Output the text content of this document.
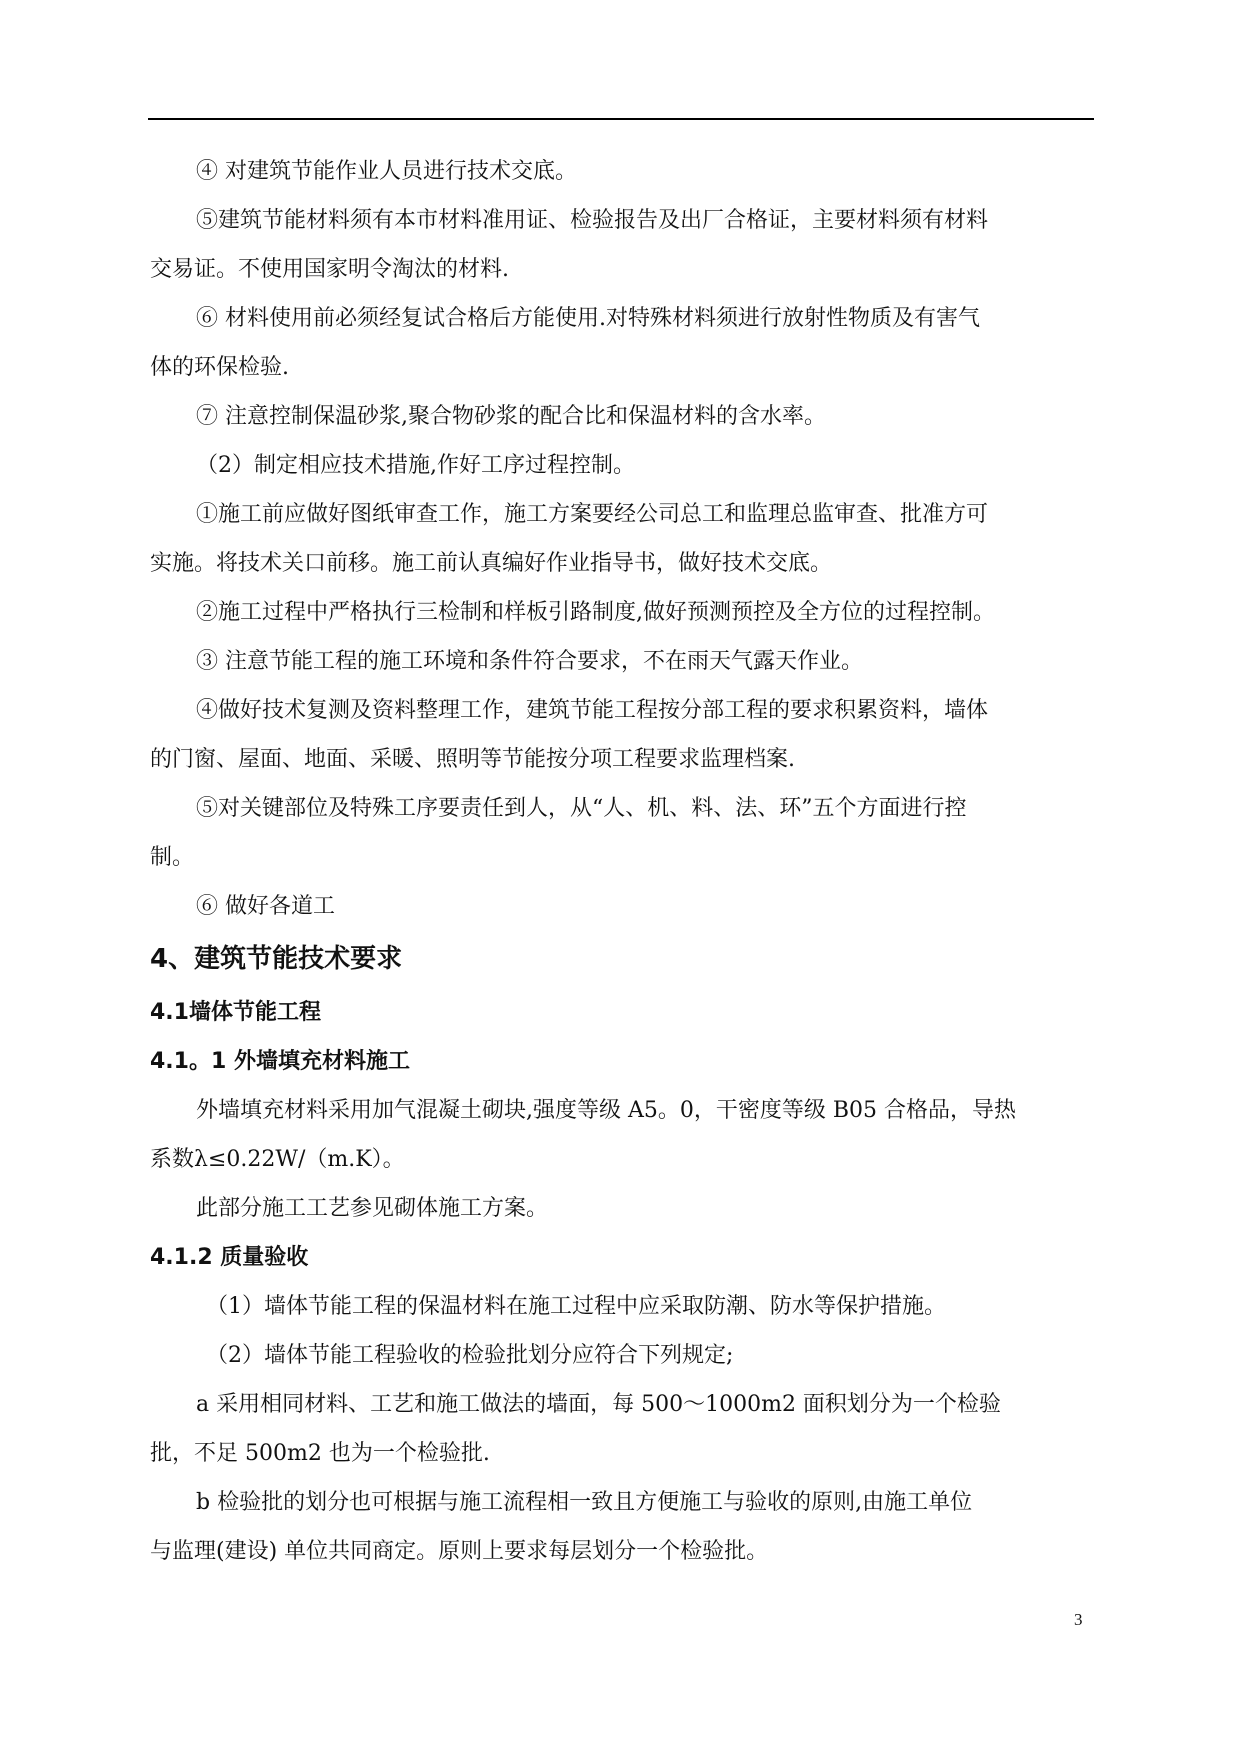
④ 对建筑节能作业人员进行技术交底。
⑤建筑节能材料须有本市材料准用证、检验报告及出厂合格证，主要材料须有材料
交易证。不使用国家明令淘汰的材料.
⑥ 材料使用前必须经复试合格后方能使用.对特殊材料须进行放射性物质及有害气
体的环保检验.
⑦ 注意控制保温砂浆,聚合物砂浆的配合比和保温材料的含水率。
（2）制定相应技术措施,作好工序过程控制。
①施工前应做好图纸审查工作，施工方案要经公司总工和监理总监审查、批准方可
实施。将技术关口前移。施工前认真编好作业指导书，做好技术交底。
②施工过程中严格执行三检制和样板引路制度,做好预测预控及全方位的过程控制。
③ 注意节能工程的施工环境和条件符合要求，不在雨天气露天作业。
④做好技术复测及资料整理工作，建筑节能工程按分部工程的要求积累资料，墙体
的门窗、屋面、地面、采暖、照明等节能按分项工程要求监理档案.
⑤对关键部位及特殊工序要责任到人，从“人、机、料、法、环”五个方面进行控
制。
⑥ 做好各道工
4、建筑节能技术要求
4.1墙体节能工程
4.1。1 外墙填充材料施工
外墙填充材料采用加气混凝土砌块,强度等级 A5。0，干密度等级 B05 合格品，导热
系数λ≤0.22W/（m.K）。
此部分施工工艺参见砌体施工方案。
4.1.2 质量验收
（1）墙体节能工程的保温材料在施工过程中应采取防潮、防水等保护措施。
（2）墙体节能工程验收的检验批划分应符合下列规定;
a 采用相同材料、工艺和施工做法的墙面，每 500～1000m2 面积划分为一个检验
批，不足 500m2 也为一个检验批.
b 检验批的划分也可根据与施工流程相一致且方便施工与验收的原则,由施工单位
与监理(建设) 单位共同商定。原则上要求每层划分一个检验批。
3
